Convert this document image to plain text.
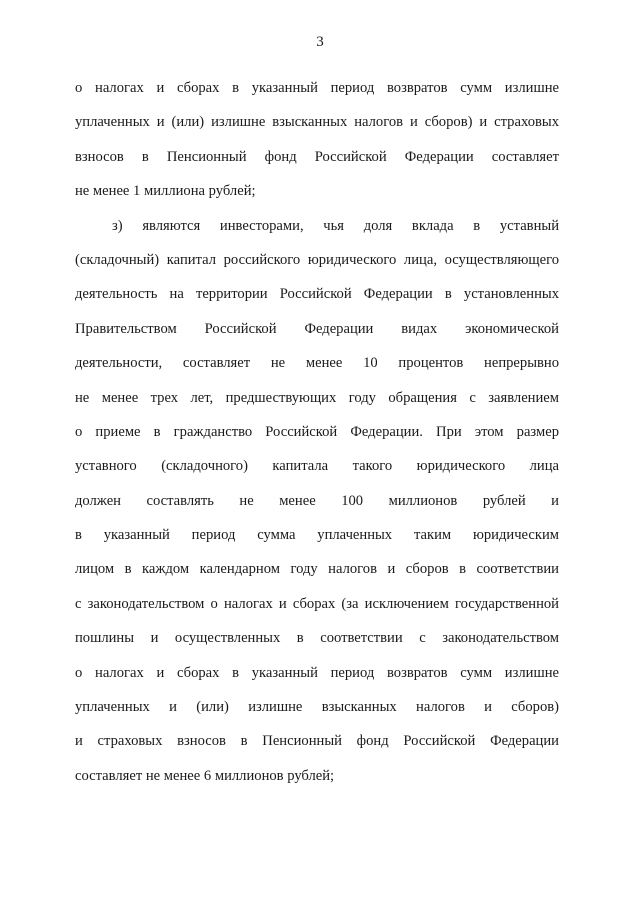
3
о налогах и сборах в указанный период возвратов сумм излишне
уплаченных и (или) излишне взысканных налогов и сборов) и страховых
взносов в Пенсионный фонд Российской Федерации составляет
не менее 1 миллиона рублей;
з) являются инвесторами, чья доля вклада в уставный
(складочный) капитал российского юридического лица, осуществляющего
деятельность на территории Российской Федерации в установленных
Правительством Российской Федерации видах экономической
деятельности, составляет не менее 10 процентов непрерывно
не менее трех лет, предшествующих году обращения с заявлением
о приеме в гражданство Российской Федерации. При этом размер
уставного (складочного) капитала такого юридического лица
должен составлять не менее 100 миллионов рублей и
в указанный период сумма уплаченных таким юридическим
лицом в каждом календарном году налогов и сборов в соответствии
с законодательством о налогах и сборах (за исключением государственной
пошлины и осуществленных в соответствии с законодательством
о налогах и сборах в указанный период возвратов сумм излишне
уплаченных и (или) излишне взысканных налогов и сборов)
и страховых взносов в Пенсионный фонд Российской Федерации
составляет не менее 6 миллионов рублей;
